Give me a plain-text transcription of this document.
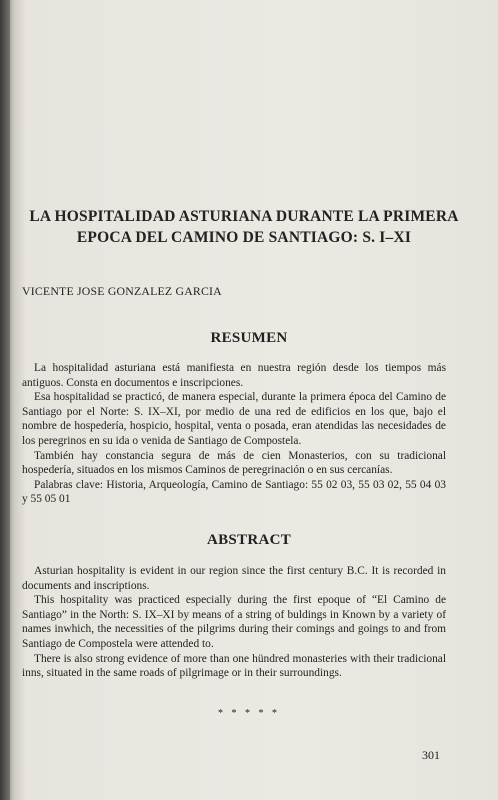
LA HOSPITALIDAD ASTURIANA DURANTE LA PRIMERA
EPOCA DEL CAMINO DE SANTIAGO: S. I–XI
VICENTE JOSE GONZALEZ GARCIA
RESUMEN

La hospitalidad asturiana está manifiesta en nuestra región desde los tiempos más antiguos. Consta en documentos e inscripciones.

Esa hospitalidad se practicó, de manera especial, durante la primera época del Camino de Santiago por el Norte: S. IX–XI, por medio de una red de edificios en los que, bajo el nombre de hospedería, hospicio, hospital, venta o posada, eran atendidas las necesidades de los peregrinos en su ida o venida de Santiago de Compostela.

También hay constancia segura de más de cien Monasterios, con su tradicional hospedería, situados en los mismos Caminos de peregrinación o en sus cercanías.

Palabras clave: Historia, Arqueología, Camino de Santiago: 55 02 03, 55 03 02, 55 04 03 y 55 05 01

ABSTRACT

Asturian hospitality is evident in our region since the first century B.C. It is recorded in documents and inscriptions.

This hospitality was practiced especially during the first epoque of “El Camino de Santiago” in the North: S. IX–XI by means of a string of buldings in Known by a variety of names inwhich, the necessities of the pilgrims during their comings and goings to and from Santiago de Compostela were attended to.

There is also strong evidence of more than one hündred monasteries with their tradicional inns, situated in the same roads of pilgrimage or in their surroundings.

* * * * *
301
